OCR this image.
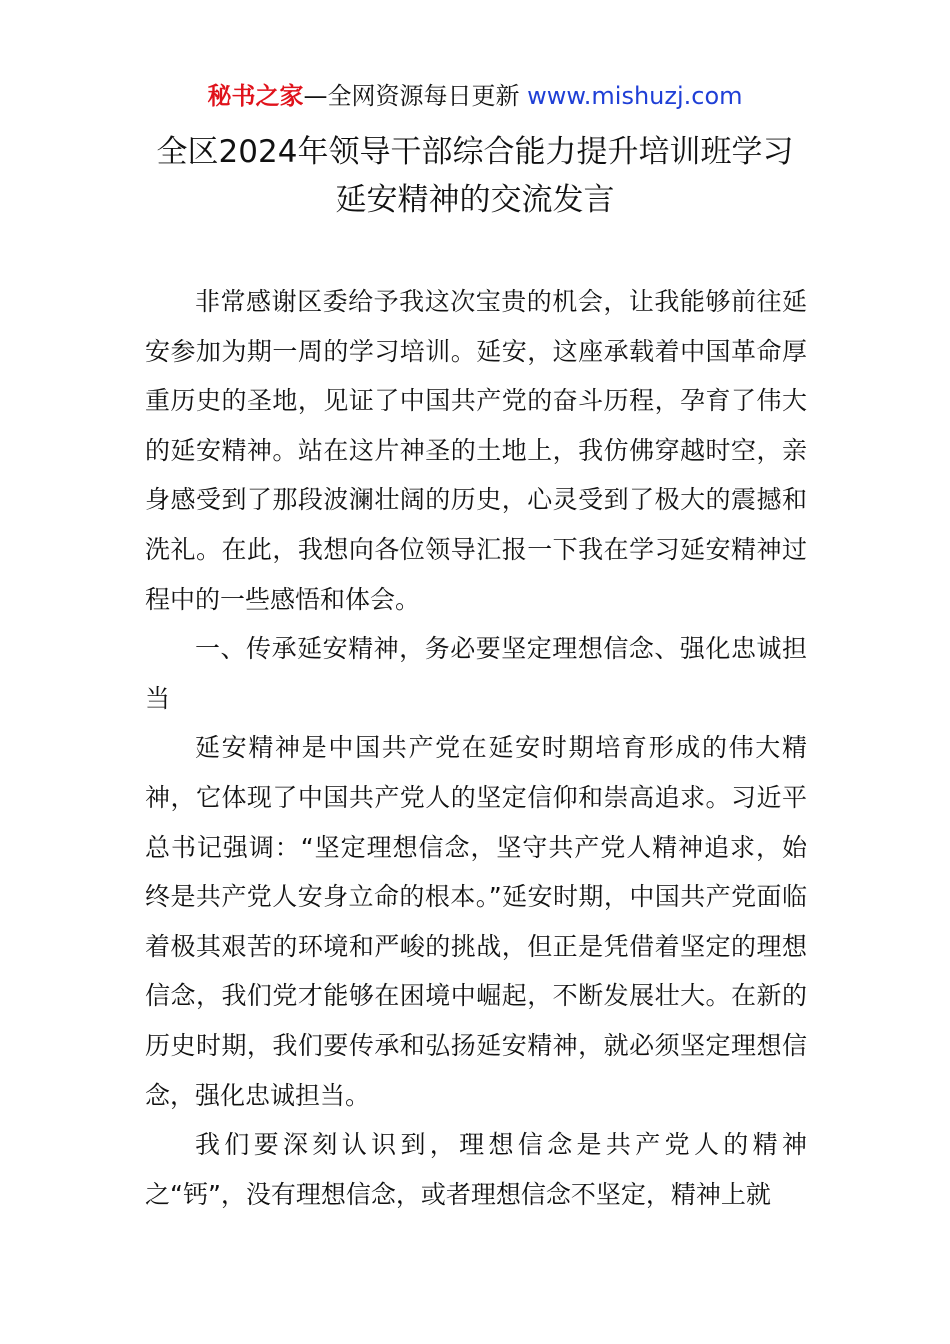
秘书之家—全网资源每日更新 www.mishuzj.com
全区2024年领导干部综合能力提升培训班学习
延安精神的交流发言

非常感谢区委给予我这次宝贵的机会，让我能够前往延安参加为期一周的学习培训。延安，这座承载着中国革命厚重历史的圣地，见证了中国共产党的奋斗历程，孕育了伟大的延安精神。站在这片神圣的土地上，我仿佛穿越时空，亲身感受到了那段波澜壮阔的历史，心灵受到了极大的震撼和洗礼。在此，我想向各位领导汇报一下我在学习延安精神过程中的一些感悟和体会。

一、传承延安精神，务必要坚定理想信念、强化忠诚担当

延安精神是中国共产党在延安时期培育形成的伟大精神，它体现了中国共产党人的坚定信仰和崇高追求。习近平总书记强调：“坚定理想信念，坚守共产党人精神追求，始终是共产党人安身立命的根本。”延安时期，中国共产党面临着极其艰苦的环境和严峻的挑战，但正是凭借着坚定的理想信念，我们党才能够在困境中崛起，不断发展壮大。在新的历史时期，我们要传承和弘扬延安精神，就必须坚定理想信念，强化忠诚担当。

我们要深刻认识到，理想信念是共产党人的精神之“钙”，没有理想信念，或者理想信念不坚定，精神上就
